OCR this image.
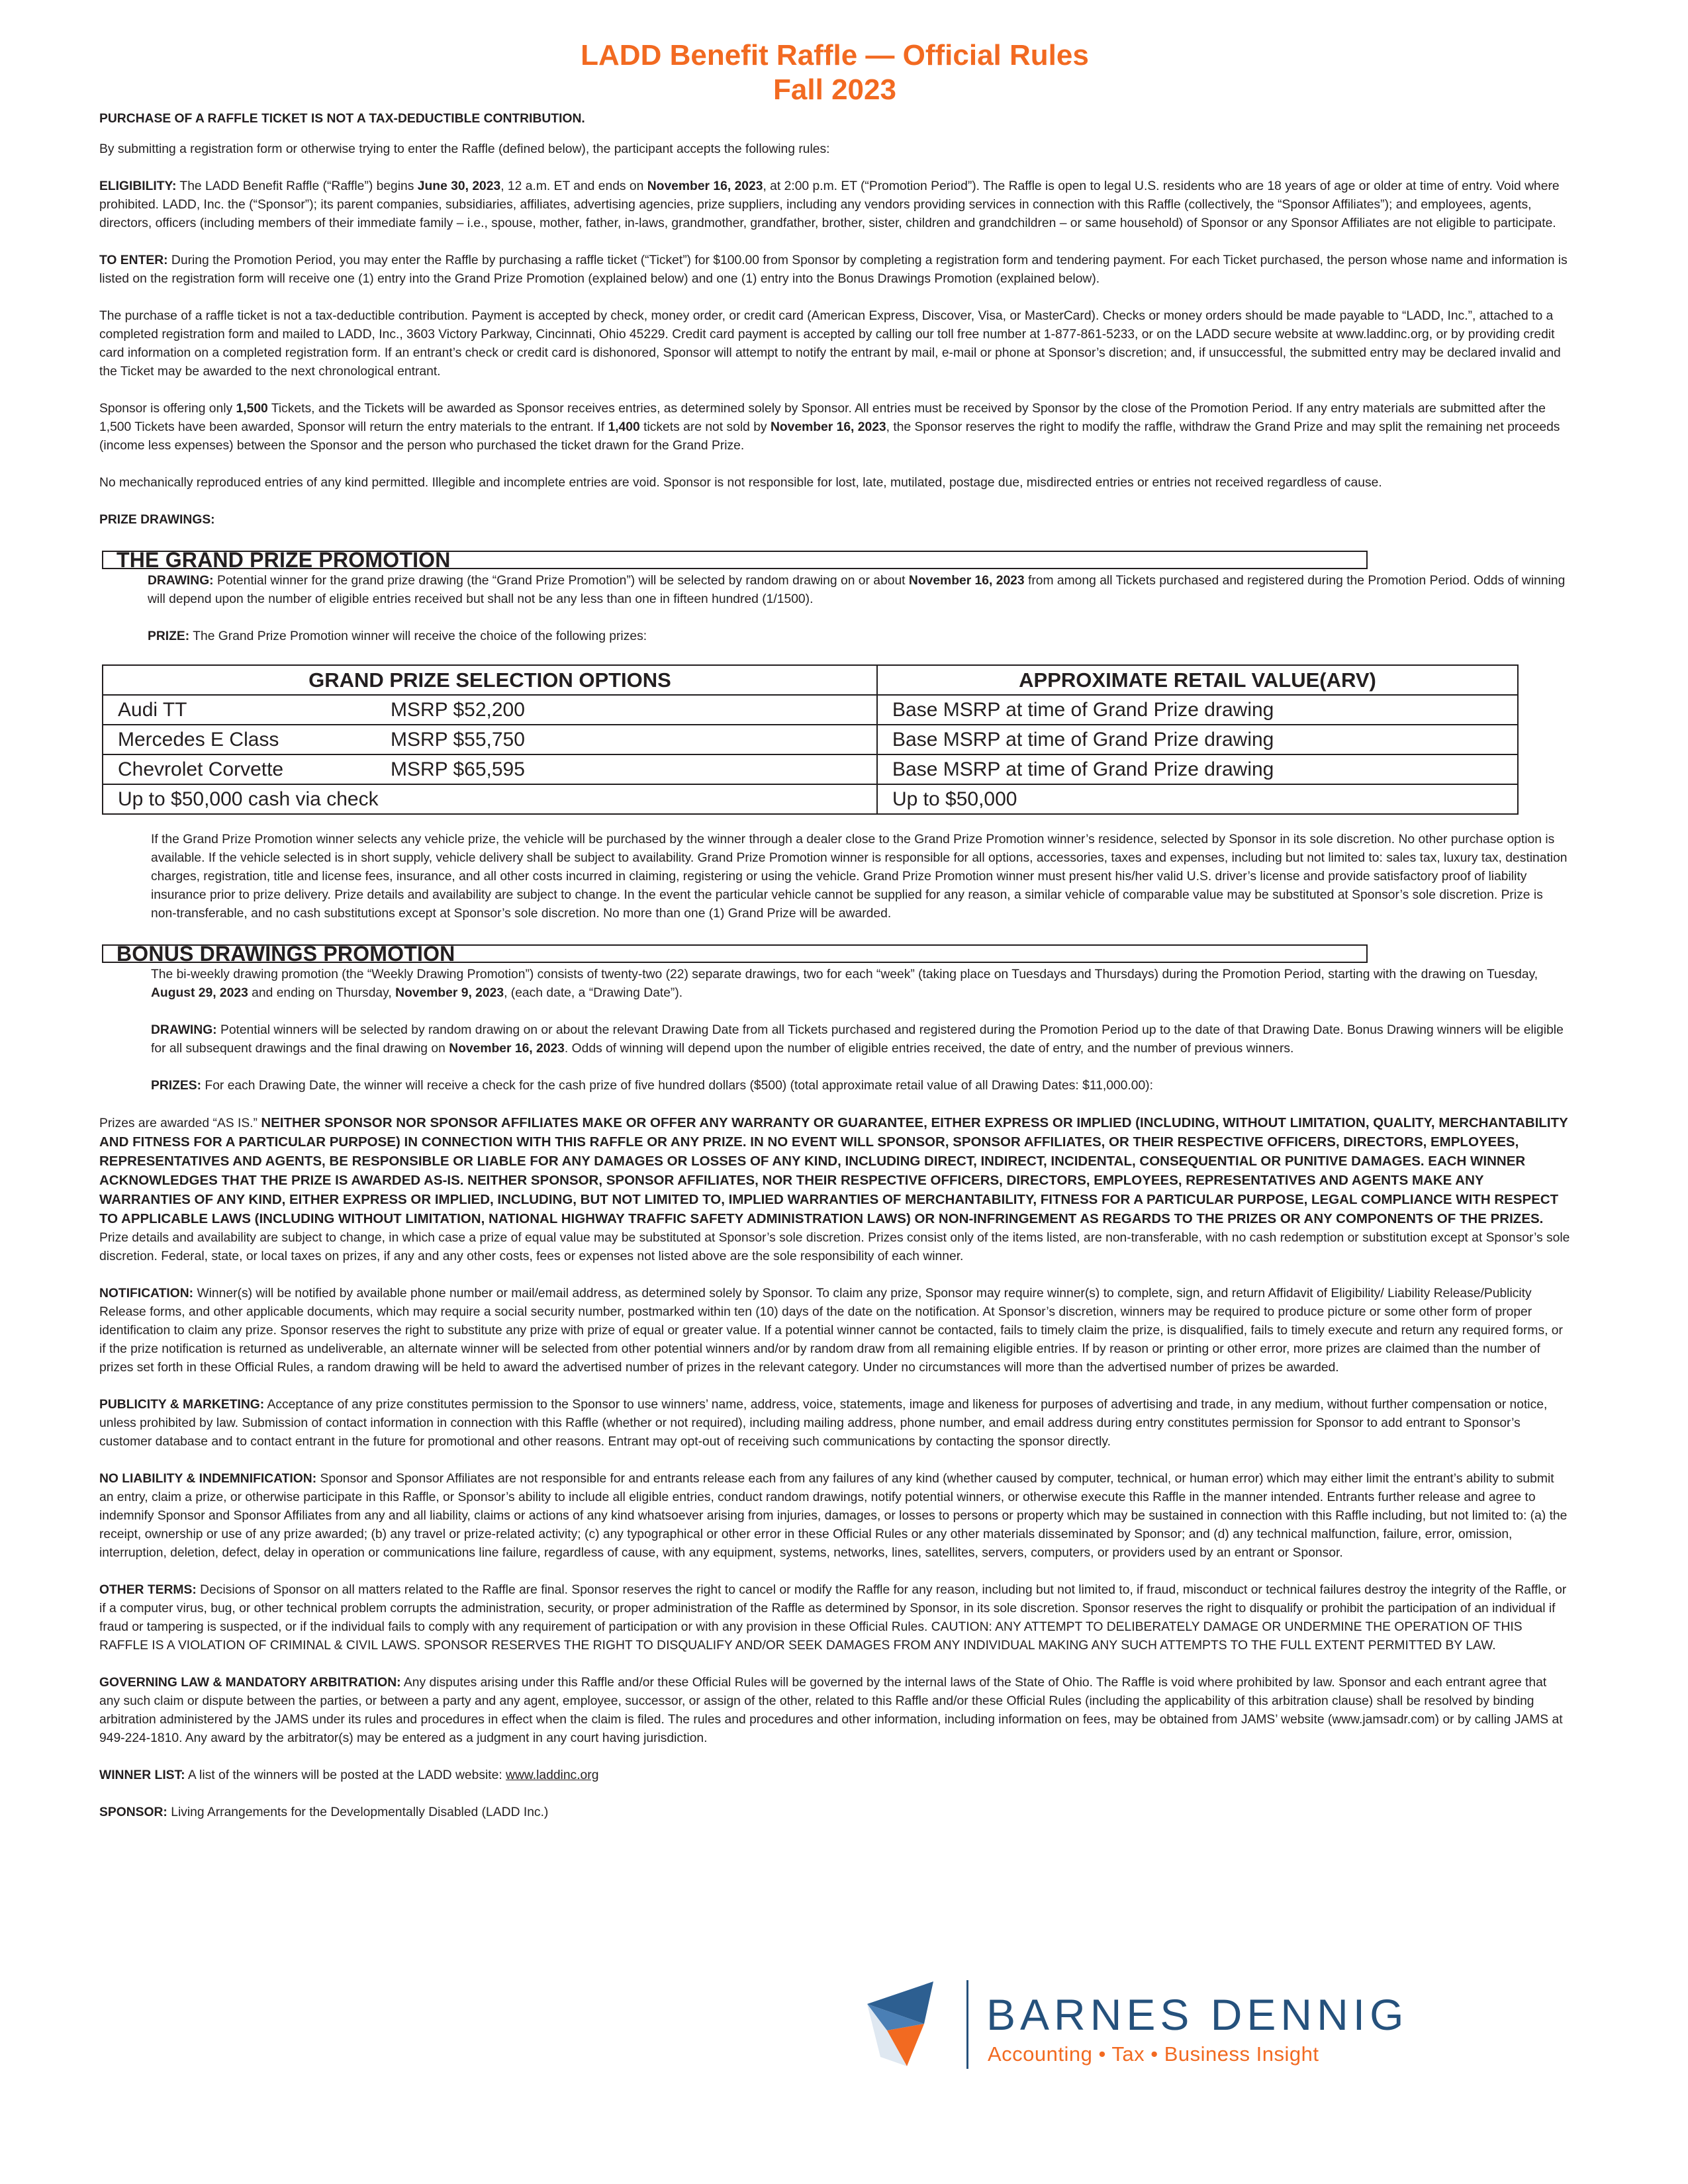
LADD Benefit Raffle — Official Rules
Fall 2023

PURCHASE OF A RAFFLE TICKET IS NOT A TAX-DEDUCTIBLE CONTRIBUTION.

By submitting a registration form or otherwise trying to enter the Raffle (defined below), the participant accepts the following rules:

ELIGIBILITY: The LADD Benefit Raffle (“Raffle”) begins June 30, 2023, 12 a.m. ET and ends on November 16, 2023, at 2:00 p.m. ET (“Promotion Period”). The Raffle is open to legal U.S. residents who are 18 years of age or older at time of entry. Void where prohibited. LADD, Inc. the (“Sponsor”); its parent companies, subsidiaries, affiliates, advertising agencies, prize suppliers, including any vendors providing services in connection with this Raffle (collectively, the “Sponsor Affiliates”); and employees, agents, directors, officers (including members of their immediate family – i.e., spouse, mother, father, in-laws, grandmother, grandfather, brother, sister, children and grandchildren – or same household) of Sponsor or any Sponsor Affiliates are not eligible to participate.

TO ENTER: During the Promotion Period, you may enter the Raffle by purchasing a raffle ticket (“Ticket”) for $100.00 from Sponsor by completing a registration form and tendering payment. For each Ticket purchased, the person whose name and information is listed on the registration form will receive one (1) entry into the Grand Prize Promotion (explained below) and one (1) entry into the Bonus Drawings Promotion (explained below).

The purchase of a raffle ticket is not a tax-deductible contribution. Payment is accepted by check, money order, or credit card (American Express, Discover, Visa, or MasterCard). Checks or money orders should be made payable to “LADD, Inc.”, attached to a completed registration form and mailed to LADD, Inc., 3603 Victory Parkway, Cincinnati, Ohio 45229. Credit card payment is accepted by calling our toll free number at 1-877-861-5233, or on the LADD secure website at www.laddinc.org, or by providing credit card information on a completed registration form. If an entrant’s check or credit card is dishonored, Sponsor will attempt to notify the entrant by mail, e-mail or phone at Sponsor’s discretion; and, if unsuccessful, the submitted entry may be declared invalid and the Ticket may be awarded to the next chronological entrant.

Sponsor is offering only 1,500 Tickets, and the Tickets will be awarded as Sponsor receives entries, as determined solely by Sponsor. All entries must be received by Sponsor by the close of the Promotion Period. If any entry materials are submitted after the 1,500 Tickets have been awarded, Sponsor will return the entry materials to the entrant. If 1,400 tickets are not sold by November 16, 2023, the Sponsor reserves the right to modify the raffle, withdraw the Grand Prize and may split the remaining net proceeds (income less expenses) between the Sponsor and the person who purchased the ticket drawn for the Grand Prize.

No mechanically reproduced entries of any kind permitted. Illegible and incomplete entries are void. Sponsor is not responsible for lost, late, mutilated, postage due, misdirected entries or entries not received regardless of cause.

PRIZE DRAWINGS:

THE GRAND PRIZE PROMOTION

DRAWING: Potential winner for the grand prize drawing (the “Grand Prize Promotion”) will be selected by random drawing on or about November 16, 2023 from among all Tickets purchased and registered during the Promotion Period. Odds of winning will depend upon the number of eligible entries received but shall not be any less than one in fifteen hundred (1/1500).

PRIZE: The Grand Prize Promotion winner will receive the choice of the following prizes:

GRAND PRIZE SELECTION OPTIONS	APPROXIMATE RETAIL VALUE(ARV)
Audi TT MSRP $52,200	Base MSRP at time of Grand Prize drawing
Mercedes E Class MSRP $55,750	Base MSRP at time of Grand Prize drawing
Chevrolet Corvette MSRP $65,595	Base MSRP at time of Grand Prize drawing
Up to $50,000 cash via check	Up to $50,000

If the Grand Prize Promotion winner selects any vehicle prize, the vehicle will be purchased by the winner through a dealer close to the Grand Prize Promotion winner’s residence, selected by Sponsor in its sole discretion. No other purchase option is available. If the vehicle selected is in short supply, vehicle delivery shall be subject to availability. Grand Prize Promotion winner is responsible for all options, accessories, taxes and expenses, including but not limited to: sales tax, luxury tax, destination charges, registration, title and license fees, insurance, and all other costs incurred in claiming, registering or using the vehicle. Grand Prize Promotion winner must present his/her valid U.S. driver’s license and provide satisfactory proof of liability insurance prior to prize delivery. Prize details and availability are subject to change. In the event the particular vehicle cannot be supplied for any reason, a similar vehicle of comparable value may be substituted at Sponsor’s sole discretion. Prize is non-transferable, and no cash substitutions except at Sponsor’s sole discretion. No more than one (1) Grand Prize will be awarded.

BONUS DRAWINGS PROMOTION

The bi-weekly drawing promotion (the “Weekly Drawing Promotion”) consists of twenty-two (22) separate drawings, two for each “week” (taking place on Tuesdays and Thursdays) during the Promotion Period, starting with the drawing on Tuesday, August 29, 2023 and ending on Thursday, November 9, 2023, (each date, a “Drawing Date”).

DRAWING: Potential winners will be selected by random drawing on or about the relevant Drawing Date from all Tickets purchased and registered during the Promotion Period up to the date of that Drawing Date. Bonus Drawing winners will be eligible for all subsequent drawings and the final drawing on November 16, 2023. Odds of winning will depend upon the number of eligible entries received, the date of entry, and the number of previous winners.

PRIZES: For each Drawing Date, the winner will receive a check for the cash prize of five hundred dollars ($500) (total approximate retail value of all Drawing Dates: $11,000.00):

Prizes are awarded “AS IS.” NEITHER SPONSOR NOR SPONSOR AFFILIATES MAKE OR OFFER ANY WARRANTY OR GUARANTEE, EITHER EXPRESS OR IMPLIED (INCLUDING, WITHOUT LIMITATION, QUALITY, MERCHANTABILITY AND FITNESS FOR A PARTICULAR PURPOSE) IN CONNECTION WITH THIS RAFFLE OR ANY PRIZE. IN NO EVENT WILL SPONSOR, SPONSOR AFFILIATES, OR THEIR RESPECTIVE OFFICERS, DIRECTORS, EMPLOYEES, REPRESENTATIVES AND AGENTS, BE RESPONSIBLE OR LIABLE FOR ANY DAMAGES OR LOSSES OF ANY KIND, INCLUDING DIRECT, INDIRECT, INCIDENTAL, CONSEQUENTIAL OR PUNITIVE DAMAGES. EACH WINNER ACKNOWLEDGES THAT THE PRIZE IS AWARDED AS-IS. NEITHER SPONSOR, SPONSOR AFFILIATES, NOR THEIR RESPECTIVE OFFICERS, DIRECTORS, EMPLOYEES, REPRESENTATIVES AND AGENTS MAKE ANY WARRANTIES OF ANY KIND, EITHER EXPRESS OR IMPLIED, INCLUDING, BUT NOT LIMITED TO, IMPLIED WARRANTIES OF MERCHANTABILITY, FITNESS FOR A PARTICULAR PURPOSE, LEGAL COMPLIANCE WITH RESPECT TO APPLICABLE LAWS (INCLUDING WITHOUT LIMITATION, NATIONAL HIGHWAY TRAFFIC SAFETY ADMINISTRATION LAWS) OR NON-INFRINGEMENT AS REGARDS TO THE PRIZES OR ANY COMPONENTS OF THE PRIZES. Prize details and availability are subject to change, in which case a prize of equal value may be substituted at Sponsor’s sole discretion. Prizes consist only of the items listed, are non-transferable, with no cash redemption or substitution except at Sponsor’s sole discretion. Federal, state, or local taxes on prizes, if any and any other costs, fees or expenses not listed above are the sole responsibility of each winner.

NOTIFICATION: Winner(s) will be notified by available phone number or mail/email address, as determined solely by Sponsor. To claim any prize, Sponsor may require winner(s) to complete, sign, and return Affidavit of Eligibility/ Liability Release/Publicity Release forms, and other applicable documents, which may require a social security number, postmarked within ten (10) days of the date on the notification. At Sponsor’s discretion, winners may be required to produce picture or some other form of proper identification to claim any prize. Sponsor reserves the right to substitute any prize with prize of equal or greater value. If a potential winner cannot be contacted, fails to timely claim the prize, is disqualified, fails to timely execute and return any required forms, or if the prize notification is returned as undeliverable, an alternate winner will be selected from other potential winners and/or by random draw from all remaining eligible entries. If by reason or printing or other error, more prizes are claimed than the number of prizes set forth in these Official Rules, a random drawing will be held to award the advertised number of prizes in the relevant category. Under no circumstances will more than the advertised number of prizes be awarded.

PUBLICITY & MARKETING: Acceptance of any prize constitutes permission to the Sponsor to use winners’ name, address, voice, statements, image and likeness for purposes of advertising and trade, in any medium, without further compensation or notice, unless prohibited by law. Submission of contact information in connection with this Raffle (whether or not required), including mailing address, phone number, and email address during entry constitutes permission for Sponsor to add entrant to Sponsor’s customer database and to contact entrant in the future for promotional and other reasons. Entrant may opt-out of receiving such communications by contacting the sponsor directly.

NO LIABILITY & INDEMNIFICATION: Sponsor and Sponsor Affiliates are not responsible for and entrants release each from any failures of any kind (whether caused by computer, technical, or human error) which may either limit the entrant’s ability to submit an entry, claim a prize, or otherwise participate in this Raffle, or Sponsor’s ability to include all eligible entries, conduct random drawings, notify potential winners, or otherwise execute this Raffle in the manner intended. Entrants further release and agree to indemnify Sponsor and Sponsor Affiliates from any and all liability, claims or actions of any kind whatsoever arising from injuries, damages, or losses to persons or property which may be sustained in connection with this Raffle including, but not limited to: (a) the receipt, ownership or use of any prize awarded; (b) any travel or prize-related activity; (c) any typographical or other error in these Official Rules or any other materials disseminated by Sponsor; and (d) any technical malfunction, failure, error, omission, interruption, deletion, defect, delay in operation or communications line failure, regardless of cause, with any equipment, systems, networks, lines, satellites, servers, computers, or providers used by an entrant or Sponsor.

OTHER TERMS: Decisions of Sponsor on all matters related to the Raffle are final. Sponsor reserves the right to cancel or modify the Raffle for any reason, including but not limited to, if fraud, misconduct or technical failures destroy the integrity of the Raffle, or if a computer virus, bug, or other technical problem corrupts the administration, security, or proper administration of the Raffle as determined by Sponsor, in its sole discretion. Sponsor reserves the right to disqualify or prohibit the participation of an individual if fraud or tampering is suspected, or if the individual fails to comply with any requirement of participation or with any provision in these Official Rules. CAUTION: ANY ATTEMPT TO DELIBERATELY DAMAGE OR UNDERMINE THE OPERATION OF THIS RAFFLE IS A VIOLATION OF CRIMINAL & CIVIL LAWS. SPONSOR RESERVES THE RIGHT TO DISQUALIFY AND/OR SEEK DAMAGES FROM ANY INDIVIDUAL MAKING ANY SUCH ATTEMPTS TO THE FULL EXTENT PERMITTED BY LAW.

GOVERNING LAW & MANDATORY ARBITRATION: Any disputes arising under this Raffle and/or these Official Rules will be governed by the internal laws of the State of Ohio. The Raffle is void where prohibited by law. Sponsor and each entrant agree that any such claim or dispute between the parties, or between a party and any agent, employee, successor, or assign of the other, related to this Raffle and/or these Official Rules (including the applicability of this arbitration clause) shall be resolved by binding arbitration administered by the JAMS under its rules and procedures in effect when the claim is filed. The rules and procedures and other information, including information on fees, may be obtained from JAMS’ website (www.jamsadr.com) or by calling JAMS at 949-224-1810. Any award by the arbitrator(s) may be entered as a judgment in any court having jurisdiction.

WINNER LIST: A list of the winners will be posted at the LADD website: www.laddinc.org

SPONSOR: Living Arrangements for the Developmentally Disabled (LADD Inc.)

BARNES DENNIG
Accounting • Tax • Business Insight
